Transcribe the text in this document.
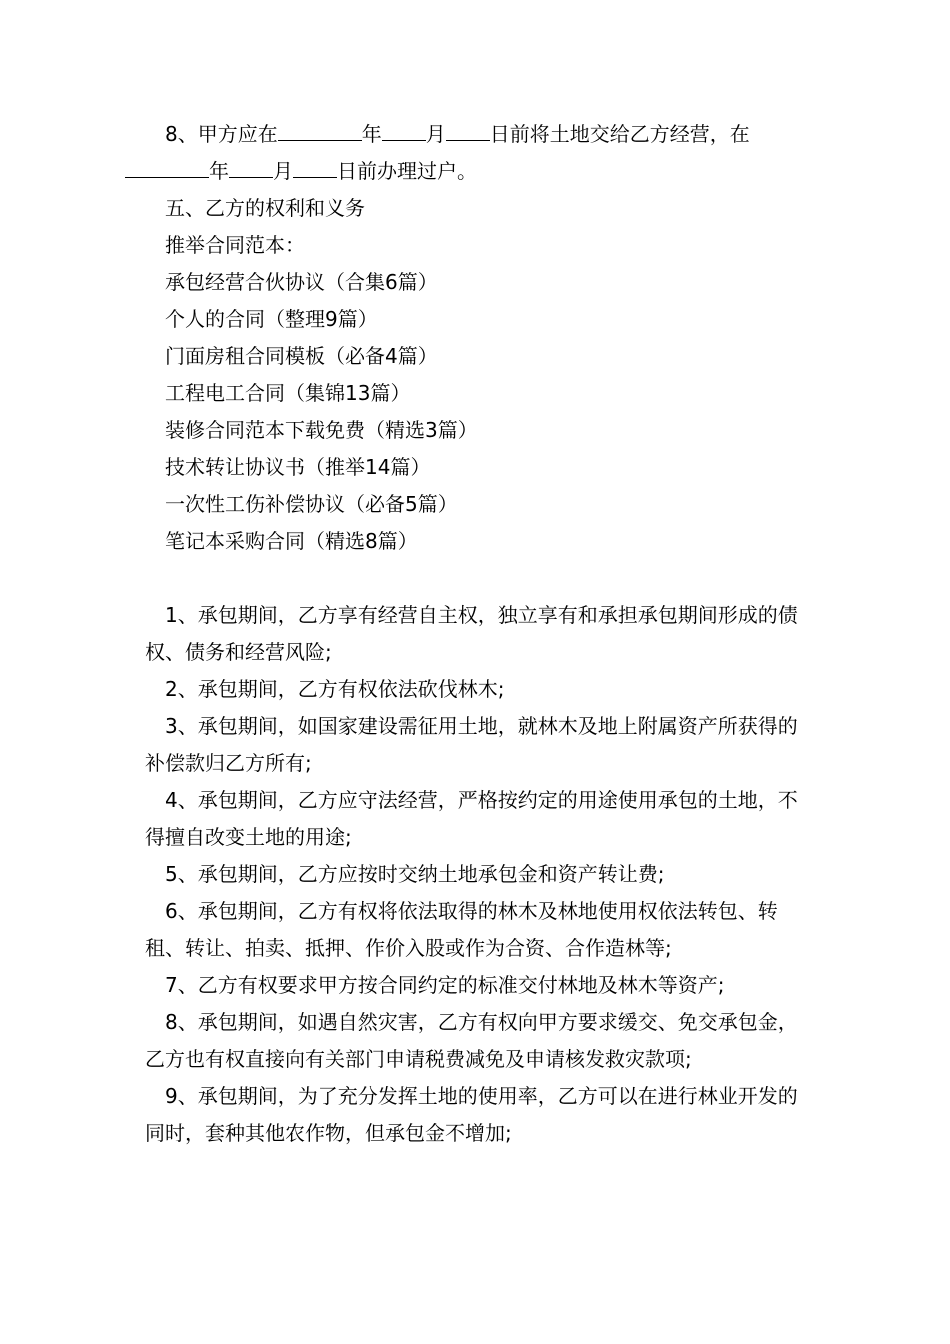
8、甲方应在	年 月 日前将土地交给乙方经营，在年 月 日前办理过户。

五、乙方的权利和义务

推举合同范本：

承包经营合伙协议（合集6篇）
个人的合同（整理9篇）
门面房租合同模板（必备4篇）
工程电工合同（集锦13篇）
装修合同范本下载免费（精选3篇）
技术转让协议书（推举14篇）
一次性工伤补偿协议（必备5篇）
笔记本采购合同（精选8篇）

1、承包期间，乙方享有经营自主权，独立享有和承担承包期间形成的债权、债务和经营风险;

2、承包期间，乙方有权依法砍伐林木;

3、承包期间，如国家建设需征用土地，就林木及地上附属资产所获得的补偿款归乙方所有;

4、承包期间，乙方应守法经营，严格按约定的用途使用承包的土地，不得擅自改变土地的用途;

5、承包期间，乙方应按时交纳土地承包金和资产转让费;

6、承包期间，乙方有权将依法取得的林木及林地使用权依法转包、转租、转让、拍卖、抵押、作价入股或作为合资、合作造林等;

7、乙方有权要求甲方按合同约定的标准交付林地及林木等资产;

8、承包期间，如遇自然灾害，乙方有权向甲方要求缓交、免交承包金，乙方也有权直接向有关部门申请税费减免及申请核发救灾款项;

9、承包期间，为了充分发挥土地的使用率，乙方可以在进行林业开发的同时，套种其他农作物，但承包金不增加;
